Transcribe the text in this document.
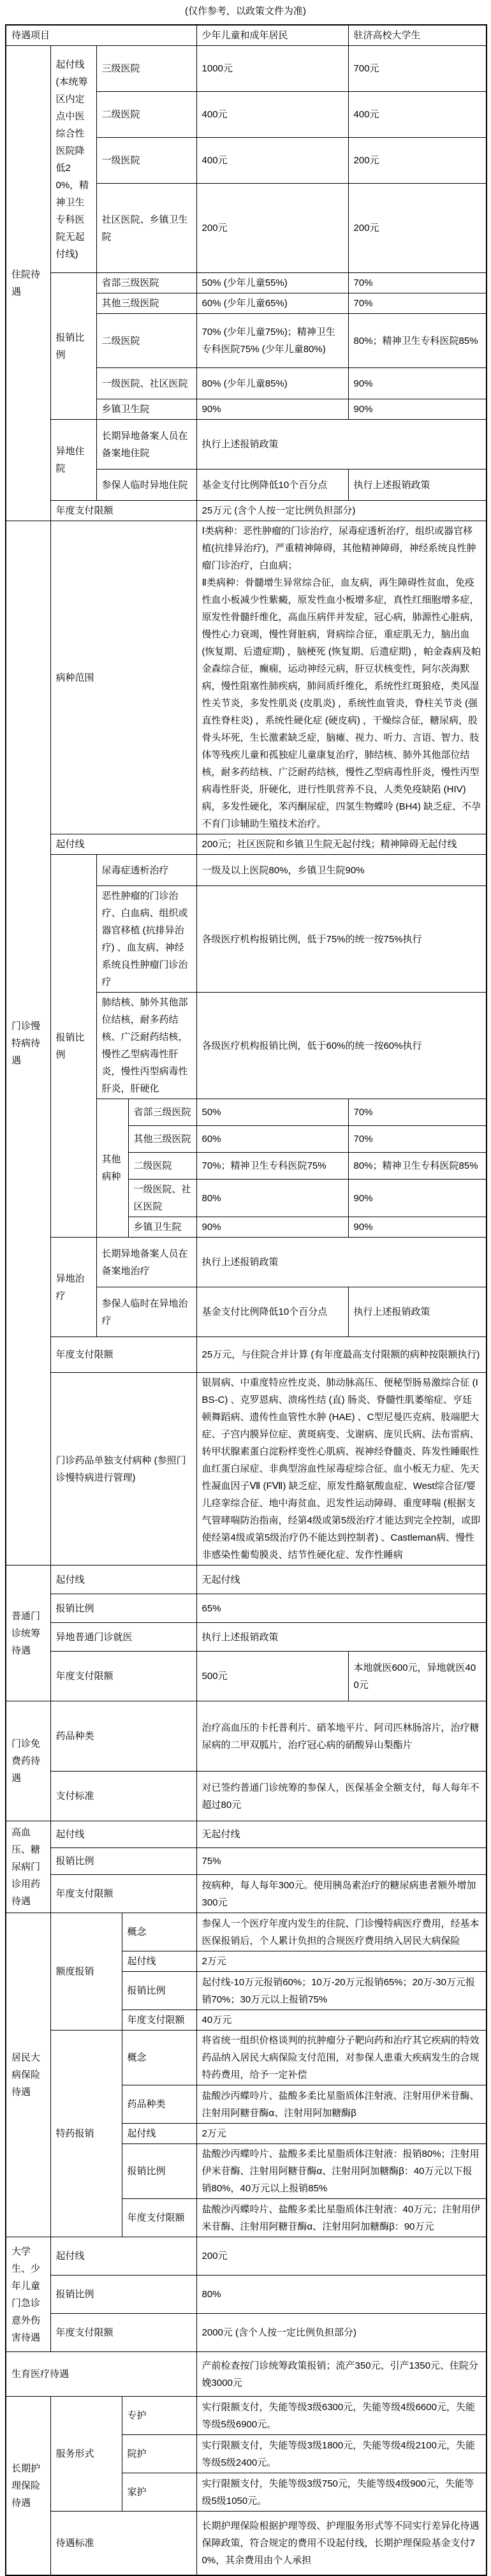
(仅作参考，以政策文件为准)
待遇项目					少年儿童和成年居民	驻济高校大学生
住院待遇	起付线 (本统筹区内定点中医综合性医院降低20%，精神卫生专科医院无起付线)	三级医院			1000元	700元
		二级医院			400元	400元
		一级医院			400元	200元
		社区医院、乡镇卫生院			200元	200元
	报销比例	省部三级医院			50% (少年儿童55%)	70%
		其他三级医院			60% (少年儿童65%)	70%
		二级医院			70% (少年儿童75%)；精神卫生专科医院75% (少年儿童80%)	80%；精神卫生专科医院85%
		一级医院、社区医院			80% (少年儿童85%)	90%
		乡镇卫生院			90%	90%
	异地住院	长期异地备案人员在备案地住院			执行上述报销政策	
		参保人临时异地住院			基金支付比例降低10个百分点	执行上述报销政策
	年度支付限额				25万元 (含个人按一定比例负担部分)	
门诊慢特病待遇	病种范围				Ⅰ类病种：恶性肿瘤的门诊治疗，尿毒症透析治疗，组织或器官移植(抗排异治疗)，严重精神障碍，其他精神障碍，神经系统良性肿瘤门诊治疗，白血病；

Ⅱ类病种：骨髓增生异常综合征，血友病，再生障碍性贫血，免疫性血小板减少性紫癜，原发性血小板增多症，真性红细胞增多症，原发性骨髓纤维化，高血压病伴并发症，冠心病，肺源性心脏病，慢性心力衰竭，慢性肾脏病，肾病综合征，重症肌无力，脑出血 (恢复期、后遗症期) ，脑梗死 (恢复期、后遗症期) ，帕金森病及帕金森综合征，癫痫，运动神经元病，肝豆状核变性，阿尔茨海默病，慢性阻塞性肺疾病，肺间质纤维化，系统性红斑狼疮，类风湿性关节炎，多发性肌炎 (皮肌炎) ，系统性血管炎，脊柱关节炎 (强直性脊柱炎) ，系统性硬化症 (硬皮病) ，干燥综合征，糖尿病，股骨头坏死，生长激素缺乏症，脑瘫、视力、听力、言语、智力、肢体等残疾儿童和孤独症儿童康复治疗，肺结核、肺外其他部位结核，耐多药结核、广泛耐药结核，慢性乙型病毒性肝炎，慢性丙型病毒性肝炎，肝硬化，进行性肌营养不良，人类免疫缺陷 (HIV) 病，多发性硬化，苯丙酮尿症，四氢生物蝶呤 (BH4) 缺乏症、不孕不育门诊辅助生殖技术治疗。	

	起付线				200元；社区医院和乡镇卫生院无起付线；精神障碍无起付线	
	报销比例	尿毒症透析治疗			一级及以上医院80%，乡镇卫生院90%	
		恶性肿瘤的门诊治疗、白血病、组织或器官移植 (抗排异治疗) 、血友病、神经系统良性肿瘤门诊治疗			各级医疗机构报销比例，低于75%的统一按75%执行	
		肺结核、肺外其他部位结核，耐多药结核、广泛耐药结核，慢性乙型病毒性肝炎，慢性丙型病毒性肝炎，肝硬化			各级医疗机构报销比例，低于60%的统一按60%执行	
		其他病种		省部三级医院	50%	70%
				其他三级医院	60%	70%
				二级医院	70%；精神卫生专科医院75%	80%；精神卫生专科医院85%
				一级医院、社区医院	80%	90%
				乡镇卫生院	90%	90%
	异地治疗	长期异地备案人员在备案地治疗			执行上述报销政策	
		参保人临时在异地治疗			基金支付比例降低10个百分点	执行上述报销政策
	年度支付限额				25万元，与住院合并计算 (有年度最高支付限额的病种按限额执行)	
	门诊药品单独支付病种 (参照门诊慢特病进行管理)				银屑病、中重度特应性皮炎、肺动脉高压、便秘型肠易激综合征 (IBS-C) 、克罗恩病、溃疡性结 (直) 肠炎、脊髓性肌萎缩症、亨廷顿舞蹈病、遗传性血管性水肿 (HAE) 、C型尼曼匹克病、肢端肥大症、子宫内膜异位症、黄斑病变、戈谢病、庞贝氏病、法布雷病、转甲状腺素蛋白淀粉样变性心肌病、视神经脊髓炎、阵发性睡眠性血红蛋白尿症、非典型溶血性尿毒症综合征、血小板无力症、先天性凝血因子Ⅶ (FⅦ) 缺乏症、原发性酪氨酸血症、West综合征/婴儿痉挛综合征、地中海贫血、迟发性运动障碍、重度哮喘 (根据支气管哮喘防治指南，经第4级或第5级治疗才能达到完全控制，或即使经第4级或第5级治疗仍不能达到控制者) 、Castleman病、慢性非感染性葡萄膜炎、结节性硬化症、发作性睡病	
普通门诊统筹待遇	起付线				无起付线	
	报销比例				65%	
	异地普通门诊就医				执行上述报销政策	
	年度支付限额				500元	本地就医600元，异地就医400元
门诊免费药待遇	药品种类				治疗高血压的卡托普利片、硝苯地平片、阿司匹林肠溶片，治疗糖尿病的二甲双胍片，治疗冠心病的硝酸异山梨酯片	
	支付标准				对已签约普通门诊统筹的参保人，医保基金全额支付，每人每年不超过80元	
高血压、糖尿病门诊用药待遇	起付线				无起付线	
	报销比例				75%	
	年度支付限额				按病种，每人每年300元。使用胰岛素治疗的糖尿病患者额外增加300元	
居民大病保险待遇	额度报销		概念		参保人一个医疗年度内发生的住院、门诊慢特病医疗费用，经基本医保报销后，个人累计负担的合规医疗费用纳入居民大病保险	
			起付线		2万元	
			报销比例		起付线-10万元报销60%；10万-20万元报销65%；20万-30万元报销70%；30万元以上报销75%	
			年度支付限额		40万元	
	特药报销		概念		将省统一组织价格谈判的抗肿瘤分子靶向药和治疗其它疾病的特效药品纳入居民大病保险支付范围，对参保人患重大疾病发生的合规特药费用，给予一定补偿	
			药品种类		盐酸沙丙蝶呤片、盐酸多柔比星脂质体注射液、注射用伊米苷酶、注射用阿糖苷酶α、注射用阿加糖酶β	
			起付线		2万元	
			报销比例		盐酸沙丙蝶呤片、盐酸多柔比星脂质体注射液：报销80%；注射用伊米苷酶、注射用阿糖苷酶α、注射用阿加糖酶β：40万元以下报销80%，40万元以上报销85%	
			年度支付限额		盐酸沙丙蝶呤片、盐酸多柔比星脂质体注射液：40万元；注射用伊米苷酶、注射用阿糖苷酶α、注射用阿加糖酶β：90万元	
大学生、少年儿童门急诊意外伤害待遇	起付线				200元	
	报销比例				80%	
	年度支付限额				2000元 (含个人按一定比例负担部分)	
生育医疗待遇					产前检查按门诊统筹政策报销；流产350元、引产1350元、住院分娩3000元	
长期护理保险待遇	服务形式		专护		实行限额支付，失能等级3级6300元，失能等级4级6600元，失能等级5级6900元。	
			院护		实行限额支付，失能等级3级1800元，失能等级4级2100元，失能等级5级2400元。	
			家护		实行限额支付，失能等级3级750元，失能等级4级900元，失能等级5级1050元。	
	待遇标准				长期护理保险根据护理等级、护理服务形式等不同实行差异化待遇保障政策，符合规定的费用不设起付线，长期护理保险基金支付70%，其余费用由个人承担	
